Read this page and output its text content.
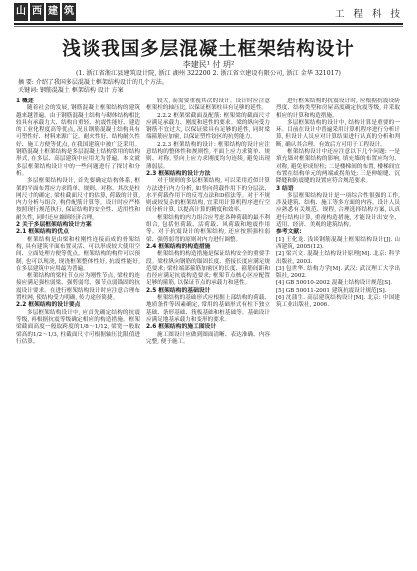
山 西 建 筑	工 程 科 技
浅谈我国多层混凝土框架结构设计
李建民¹ 付 玥²
(1. 浙江省浙江县建筑设计院, 浙江 湖州 322200 2. 浙江省立建设有限公司, 浙江 金华 321017)
摘 要: 介绍了我国多层混凝土框架结构设计的几个方法。
关键词: 钢筋混凝土 框架结构 设计 方案

1 概述

随着社会的发展, 钢筋混凝土框架结构的建筑越来越普遍。由于钢筋混凝土结构与砌体结构相比较具有承载力大、结构自重轻、抗震性能好、建造的工业化程度高等优点, 况且钢筋混凝土结构具有可塑性好、材料来源广泛、耐火性好、结构耐久性好、施工方便等优点, 在我国建筑中被广泛采用。钢筋混凝土框架结构是多层混凝土结构常用的结构形式, 在多层、高层建筑中应用尤为普遍。本文就多层框架结构设计中的一些问题进行了探讨和分析。

多层框架结构设计, 首先要确定结构体系, 框架的平面布置应力求简单、规则、对称。其次是柱网尺寸的确定, 梁柱截面尺寸的估算, 荷载的计算, 内力分析与组合, 构件配筋计算等。设计时应严格按照现行规范执行, 保证结构的安全性、适用性和耐久性, 同时还应兼顾经济合理。

2 关于多层框架结构设计方案

2.1 框架结构的优点

框架结构是由梁和柱刚性连接而成的骨架结构, 具有建筑平面布置灵活、可以形成较大使用空间、立面处理方便等优点。框架结构的构件可以预制, 也可以现浇, 现浇框架整体性好, 抗震性能好, 在多层建筑中应用最为普遍。

框架结构的梁柱节点应为刚性节点, 梁柱的连接应满足强柱弱梁、强剪弱弯、强节点弱锚固的抗震设计要求。在进行框架结构设计时应注意合理布置柱网, 使结构受力明确, 传力途径简捷。

2.2 框架结构的设计要点

多层框架结构设计中, 应首先确定结构的抗震等级, 再根据抗震等级确定相应的构造措施。框架梁截面高度一般取跨度的1/8～1/12, 梁宽一般取梁高的1/2～1/3, 柱截面尺寸可根据轴压比限值进行估算。

较大, 而需要重视其次的设计。设计时应注意框架柱的轴压比, 以保证框架柱具有足够的延性。

2.2.2 框架梁截面及配筋: 框架梁的截面尺寸应满足承载力、刚度和延性的要求。梁的纵向受力钢筋不宜过大, 以保证梁具有足够的延性, 同时梁端箍筋应加密, 以保证塑性铰区的抗剪能力。

2.2.3 框架结构的设计: 框架结构的设计应注意结构的整体性和规则性, 平面上应力求简单、规则、对称, 竖向上应力求刚度均匀连续, 避免出现薄弱层。

2.3 框架结构的设计方法

对于规则的多层框架结构, 可以采用近似计算方法进行内力分析, 如竖向荷载作用下的分层法、水平荷载作用下的反弯点法和D值法等。对于不规则或较复杂的框架结构, 宜采用计算机程序进行空间分析计算, 以提高计算的精度和效率。

框架结构的内力组合应考虑各种荷载的最不利组合, 包括恒荷载、活荷载、风荷载和地震作用等。对于抗震设计的框架结构, 还应按照强柱弱梁、强剪弱弯的原则对内力进行调整。

2.4 框架结构的构造措施

框架结构的构造措施是保证结构安全的重要手段。梁柱纵向钢筋的锚固长度、搭接长度应满足规范要求; 梁柱端部箍筋加密区的长度、箍筋间距和直径应满足抗震构造要求; 框架节点核心区应配置足够的箍筋, 以保证节点的承载力和延性。

2.5 框架结构的基础设计

框架结构的基础形式应根据上部结构的荷载、地质条件等因素确定, 常用的基础形式有柱下独立基础、条形基础、筏板基础和桩基础等。基础设计应满足地基承载力和变形的要求。

2.6 框架结构的施工图设计

施工图设计应做到图面清晰、表达准确、内容完整, 便于施工。

进行框架结构的抗震设计时, 应根据抗震设防烈度、结构类型和房屋高度确定抗震等级, 并采取相应的计算和构造措施。

多层框架结构的设计中, 结构计算是重要的一环。目前在设计中普遍采用计算机程序进行分析计算, 但设计人员应对计算结果进行认真的分析和判断, 确认其合理、有效后方可用于工程设计。

框架结构设计中还应注意以下几个问题: 一是填充墙对框架结构的影响, 填充墙的布置应均匀、对称, 避免形成短柱; 二是楼梯间的布置, 楼梯间宜布置在结构单元的两端或拐角处; 三是伸缩缝、沉降缝和防震缝的设置应符合规范要求。

3 结语

多层框架结构设计是一项综合性很强的工作, 涉及建筑、结构、施工等多方面的内容。设计人员应熟悉有关规范、规程, 合理选择结构方案, 认真进行结构计算, 重视构造措施, 才能设计出安全、适用、经济、美观的建筑结构。

参考文献:

[1] 王化龙. 浅谈钢筋混凝土框架结构设计[J]. 山西建筑, 2005(12).

[2] 梁兴文. 混凝土结构设计原理[M]. 北京: 科学出版社, 2003.

[3] 包世华. 结构力学[M]. 武汉: 武汉理工大学出版社, 2002.

[4] GB 50010-2002 混凝土结构设计规范[S].

[5] GB 50011-2001 建筑抗震设计规范[S].

[6] 沈蒲生. 高层建筑结构设计[M]. 北京: 中国建筑工业出版社, 2006.
